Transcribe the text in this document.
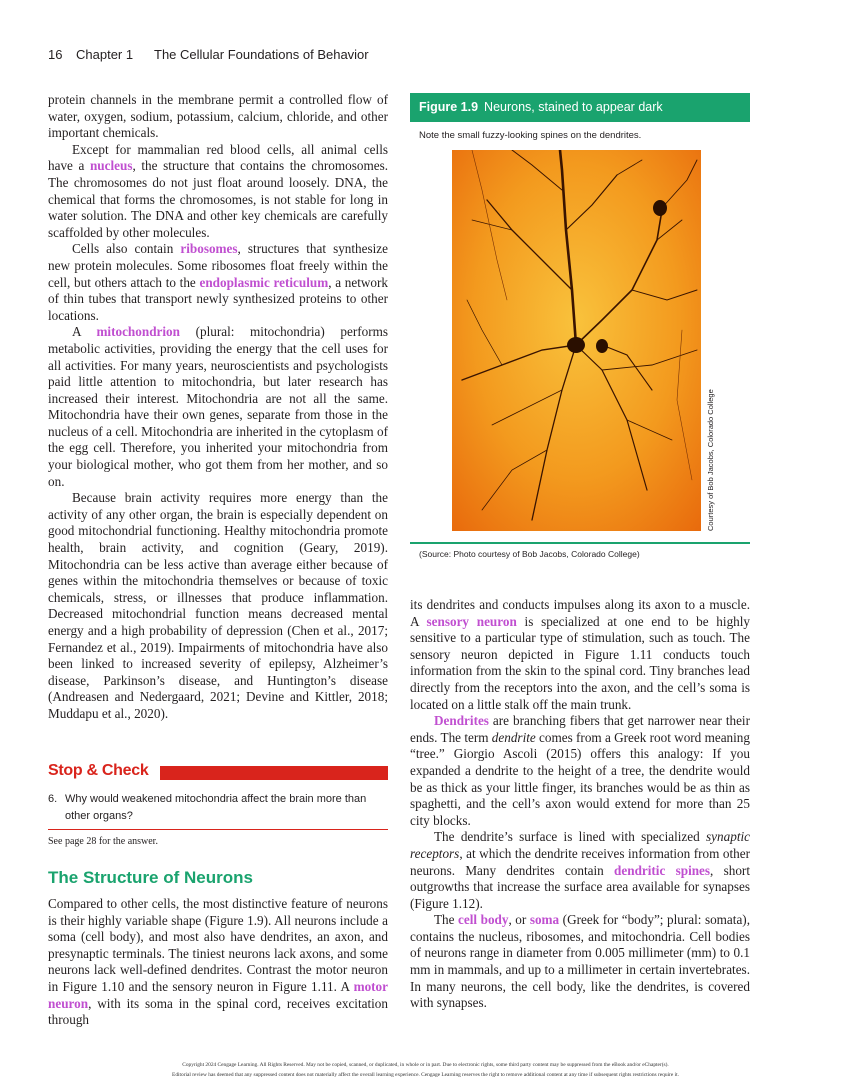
16 Chapter 1 The Cellular Foundations of Behavior

protein channels in the membrane permit a controlled flow of water, oxygen, sodium, potassium, calcium, chloride, and other important chemicals.

Except for mammalian red blood cells, all animal cells have a nucleus, the structure that contains the chromosomes. The chromosomes do not just float around loosely. DNA, the chemical that forms the chromosomes, is not stable for long in water solution. The DNA and other key chemicals are carefully scaffolded by other molecules.

Cells also contain ribosomes, structures that synthesize new protein molecules. Some ribosomes float freely within the cell, but others attach to the endoplasmic reticulum, a network of thin tubes that transport newly synthesized proteins to other locations.

A mitochondrion (plural: mitochondria) performs metabolic activities, providing the energy that the cell uses for all activities. For many years, neuroscientists and psychologists paid little attention to mitochondria, but later research has increased their interest. Mitochondria are not all the same. Mitochondria have their own genes, separate from those in the nucleus of a cell. Mitochondria are inherited in the cytoplasm of the egg cell. Therefore, you inherited your mitochondria from your biological mother, who got them from her mother, and so on.

Because brain activity requires more energy than the activity of any other organ, the brain is especially dependent on good mitochondrial functioning. Healthy mitochondria promote health, brain activity, and cognition (Geary, 2019). Mitochondria can be less active than average either because of genes within the mitochondria themselves or because of toxic chemicals, stress, or illnesses that produce inflammation. Decreased mitochondrial function means decreased mental energy and a high probability of depression (Chen et al., 2017; Fernandez et al., 2019). Impairments of mitochondria have also been linked to increased severity of epilepsy, Alzheimer’s disease, Parkinson’s disease, and Huntington’s disease (Andreasen and Nedergaard, 2021; Devine and Kittler, 2018; Muddapu et al., 2020).

Stop & Check
6. Why would weakened mitochondria affect the brain more than other organs?
See page 28 for the answer.
The Structure of Neurons

Compared to other cells, the most distinctive feature of neurons is their highly variable shape (Figure 1.9). All neurons include a soma (cell body), and most also have dendrites, an axon, and presynaptic terminals. The tiniest neurons lack axons, and some neurons lack well-defined dendrites. Contrast the motor neuron in Figure 1.10 and the sensory neuron in Figure 1.11. A motor neuron, with its soma in the spinal cord, receives excitation through

Figure 1.9 Neurons, stained to appear dark
Note the small fuzzy-looking spines on the dendrites.
Courtesy of Bob Jacobs, Colorado College
(Source: Photo courtesy of Bob Jacobs, Colorado College)

its dendrites and conducts impulses along its axon to a muscle. A sensory neuron is specialized at one end to be highly sensitive to a particular type of stimulation, such as touch. The sensory neuron depicted in Figure 1.11 conducts touch information from the skin to the spinal cord. Tiny branches lead directly from the receptors into the axon, and the cell’s soma is located on a little stalk off the main trunk.

Dendrites are branching fibers that get narrower near their ends. The term dendrite comes from a Greek root word meaning “tree.” Giorgio Ascoli (2015) offers this analogy: If you expanded a dendrite to the height of a tree, the dendrite would be as thick as your little finger, its branches would be as thin as spaghetti, and the cell’s axon would extend for more than 25 city blocks.

The dendrite’s surface is lined with specialized synaptic receptors, at which the dendrite receives information from other neurons. Many dendrites contain dendritic spines, short outgrowths that increase the surface area available for synapses (Figure 1.12).

The cell body, or soma (Greek for “body”; plural: somata), contains the nucleus, ribosomes, and mitochondria. Cell bodies of neurons range in diameter from 0.005 millimeter (mm) to 0.1 mm in mammals, and up to a millimeter in certain invertebrates. In many neurons, the cell body, like the dendrites, is covered with synapses.

Copyright 2024 Cengage Learning. All Rights Reserved. May not be copied, scanned, or duplicated, in whole or in part. Due to electronic rights, some third party content may be suppressed from the eBook and/or eChapter(s).
Editorial review has deemed that any suppressed content does not materially affect the overall learning experience. Cengage Learning reserves the right to remove additional content at any time if subsequent rights restrictions require it.
